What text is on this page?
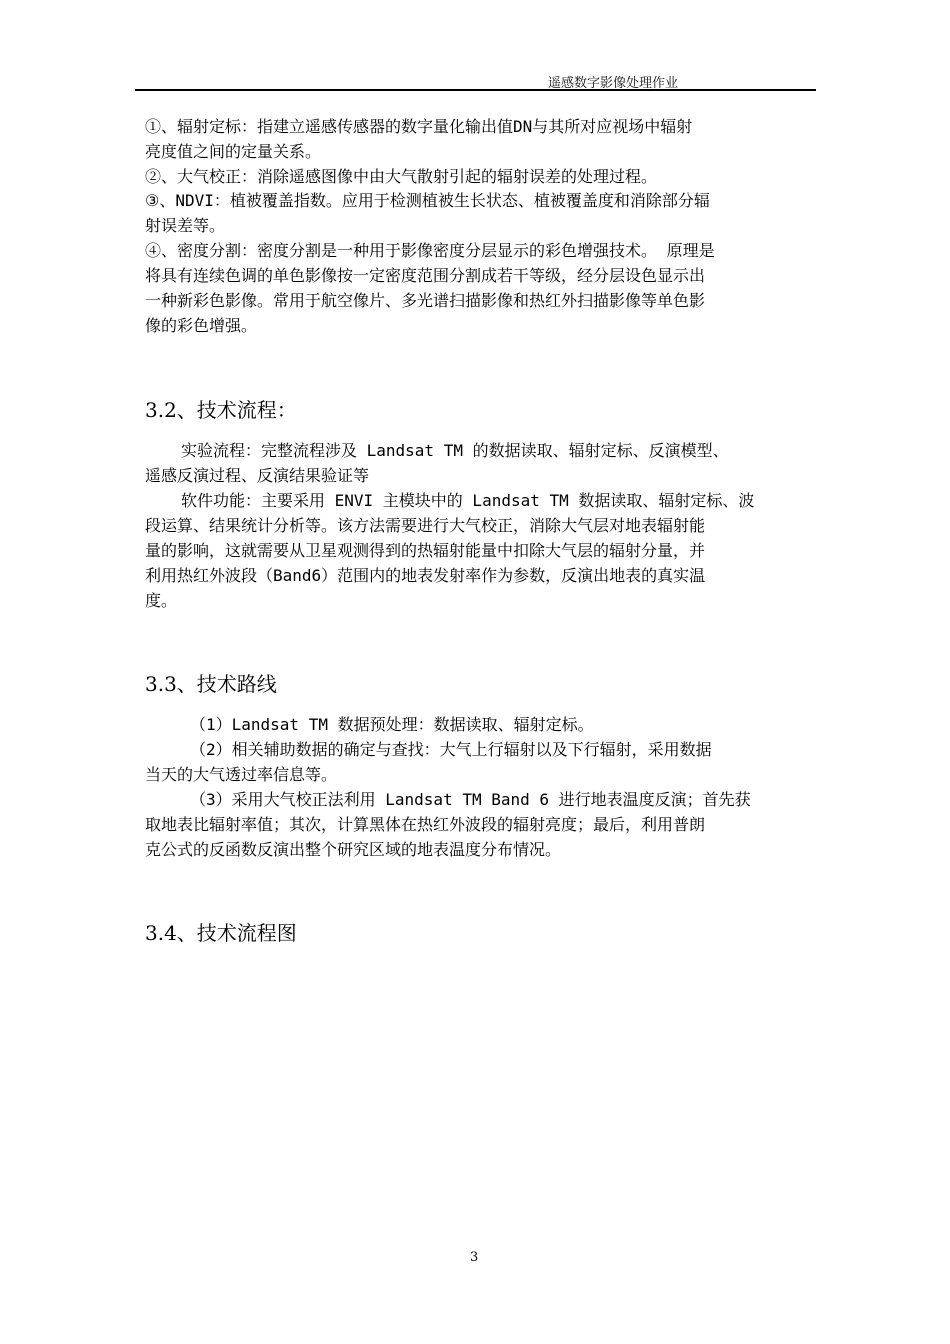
遥感数字影像处理作业
①、辐射定标：指建立遥感传感器的数字量化输出值DN与其所对应视场中辐射
亮度值之间的定量关系。
②、大气校正：消除遥感图像中由大气散射引起的辐射误差的处理过程。
③、NDVI：植被覆盖指数。应用于检测植被生长状态、植被覆盖度和消除部分辐
射误差等。
④、密度分割：密度分割是一种用于影像密度分层显示的彩色增强技术。 原理是
将具有连续色调的单色影像按一定密度范围分割成若干等级，经分层设色显示出
一种新彩色影像。常用于航空像片、多光谱扫描影像和热红外扫描影像等单色影
像的彩色增强。
3.2、技术流程：
实验流程：完整流程涉及 Landsat TM 的数据读取、辐射定标、反演模型、
遥感反演过程、反演结果验证等
软件功能：主要采用 ENVI 主模块中的 Landsat TM 数据读取、辐射定标、波
段运算、结果统计分析等。该方法需要进行大气校正，消除大气层对地表辐射能
量的影响，这就需要从卫星观测得到的热辐射能量中扣除大气层的辐射分量，并
利用热红外波段（Band6）范围内的地表发射率作为参数，反演出地表的真实温
度。
3.3、技术路线
（1）Landsat TM 数据预处理：数据读取、辐射定标。
（2）相关辅助数据的确定与查找：大气上行辐射以及下行辐射，采用数据
当天的大气透过率信息等。
（3）采用大气校正法利用 Landsat TM Band 6 进行地表温度反演；首先获
取地表比辐射率值；其次，计算黑体在热红外波段的辐射亮度；最后，利用普朗
克公式的反函数反演出整个研究区域的地表温度分布情况。
3.4、技术流程图
3
